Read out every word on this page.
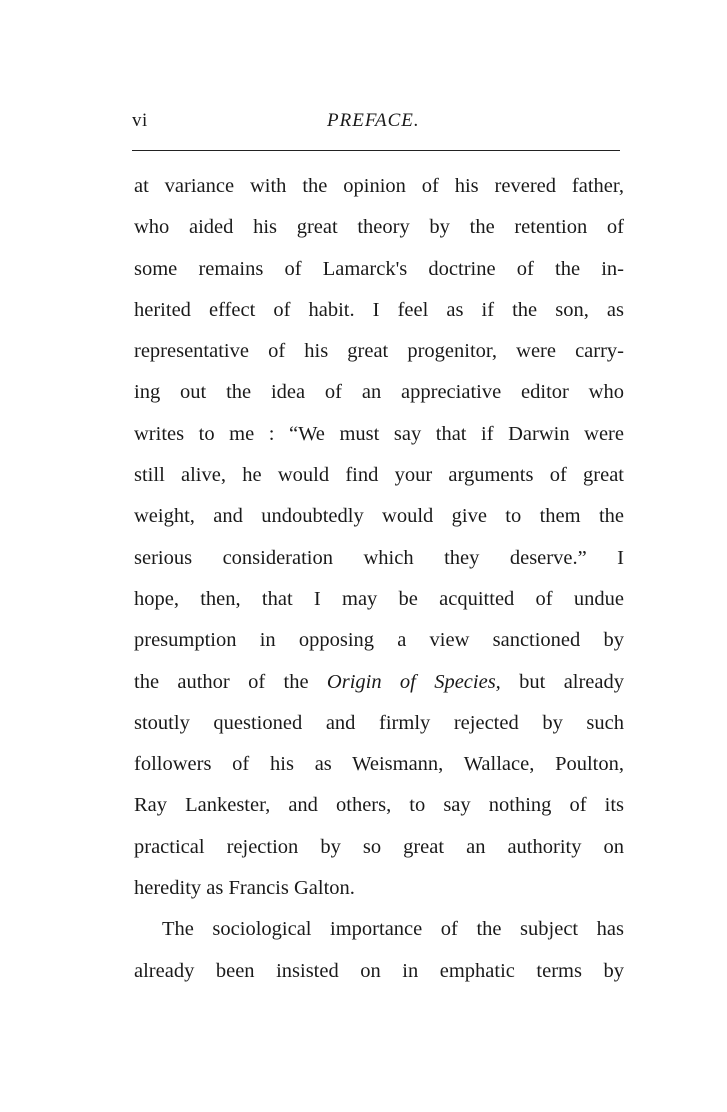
vi	PREFACE.
at variance with the opinion of his revered father,
who aided his great theory by the retention of
some remains of Lamarck's doctrine of the in-
herited effect of habit. I feel as if the son, as
representative of his great progenitor, were carry-
ing out the idea of an appreciative editor who
writes to me : “We must say that if Darwin were
still alive, he would find your arguments of great
weight, and undoubtedly would give to them the
serious consideration which they deserve.” I
hope, then, that I may be acquitted of undue
presumption in opposing a view sanctioned by
the author of the Origin of Species, but already
stoutly questioned and firmly rejected by such
followers of his as Weismann, Wallace, Poulton,
Ray Lankester, and others, to say nothing of its
practical rejection by so great an authority on
heredity as Francis Galton.
The sociological importance of the subject has
already been insisted on in emphatic terms by
